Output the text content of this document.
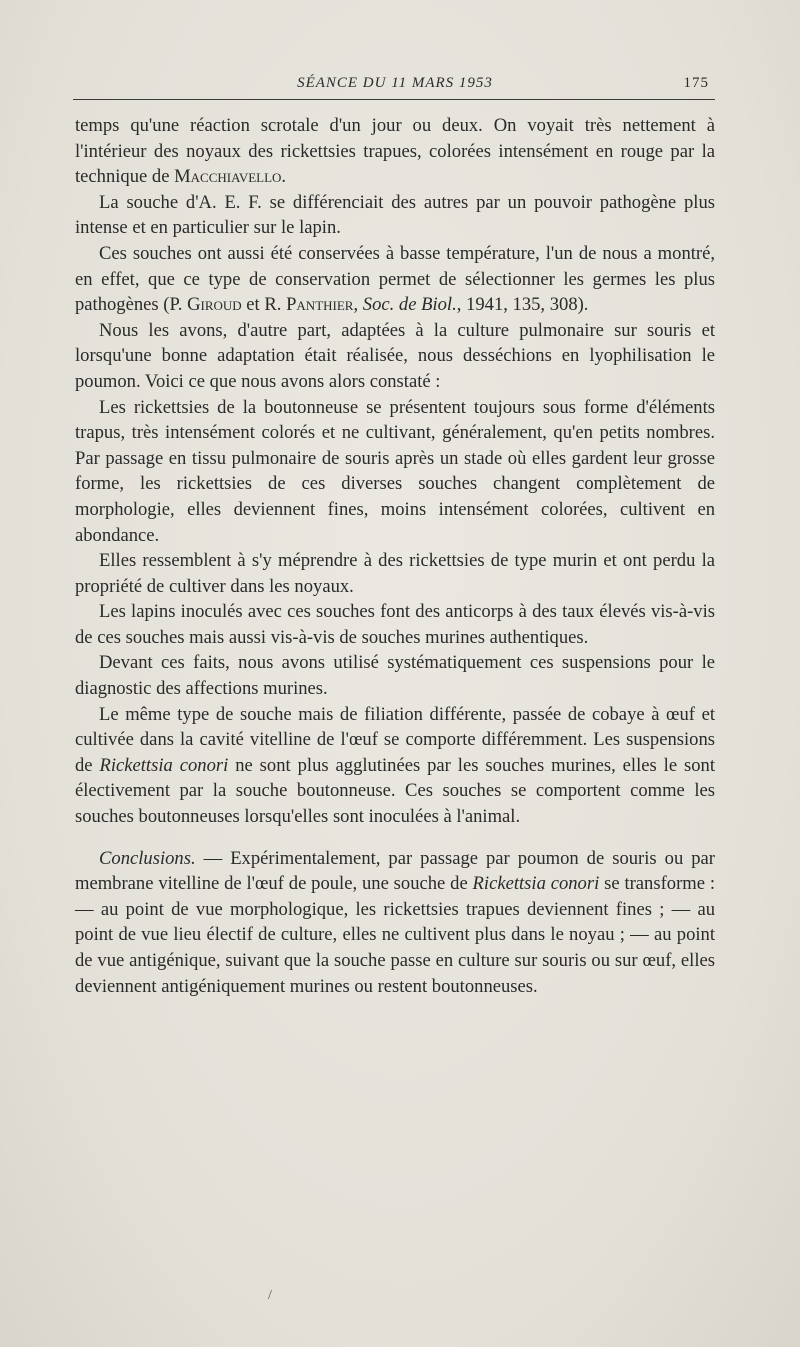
SÉANCE DU 11 MARS 1953	175

temps qu'une réaction scrotale d'un jour ou deux. On voyait très nettement à l'intérieur des noyaux des rickettsies trapues, colorées intensément en rouge par la technique de Macchiavello.

La souche d'A. E. F. se différenciait des autres par un pouvoir pathogène plus intense et en particulier sur le lapin.

Ces souches ont aussi été conservées à basse température, l'un de nous a montré, en effet, que ce type de conservation permet de sélectionner les germes les plus pathogènes (P. Giroud et R. Panthier, Soc. de Biol., 1941, 135, 308).

Nous les avons, d'autre part, adaptées à la culture pulmonaire sur souris et lorsqu'une bonne adaptation était réalisée, nous desséchions en lyophilisation le poumon. Voici ce que nous avons alors constaté :

Les rickettsies de la boutonneuse se présentent toujours sous forme d'éléments trapus, très intensément colorés et ne cultivant, généralement, qu'en petits nombres. Par passage en tissu pulmonaire de souris après un stade où elles gardent leur grosse forme, les rickettsies de ces diverses souches changent complètement de morphologie, elles deviennent fines, moins intensément colorées, cultivent en abondance.

Elles ressemblent à s'y méprendre à des rickettsies de type murin et ont perdu la propriété de cultiver dans les noyaux.

Les lapins inoculés avec ces souches font des anticorps à des taux élevés vis-à-vis de ces souches mais aussi vis-à-vis de souches murines authentiques.

Devant ces faits, nous avons utilisé systématiquement ces suspensions pour le diagnostic des affections murines.

Le même type de souche mais de filiation différente, passée de cobaye à œuf et cultivée dans la cavité vitelline de l'œuf se comporte différemment. Les suspensions de Rickettsia conori ne sont plus agglutinées par les souches murines, elles le sont électivement par la souche boutonneuse. Ces souches se comportent comme les souches boutonneuses lorsqu'elles sont inoculées à l'animal.

Conclusions. — Expérimentalement, par passage par poumon de souris ou par membrane vitelline de l'œuf de poule, une souche de Rickettsia conori se transforme : — au point de vue morphologique, les rickettsies trapues deviennent fines ; — au point de vue lieu électif de culture, elles ne cultivent plus dans le noyau ; — au point de vue antigénique, suivant que la souche passe en culture sur souris ou sur œuf, elles deviennent antigéniquement murines ou restent boutonneuses.

/
